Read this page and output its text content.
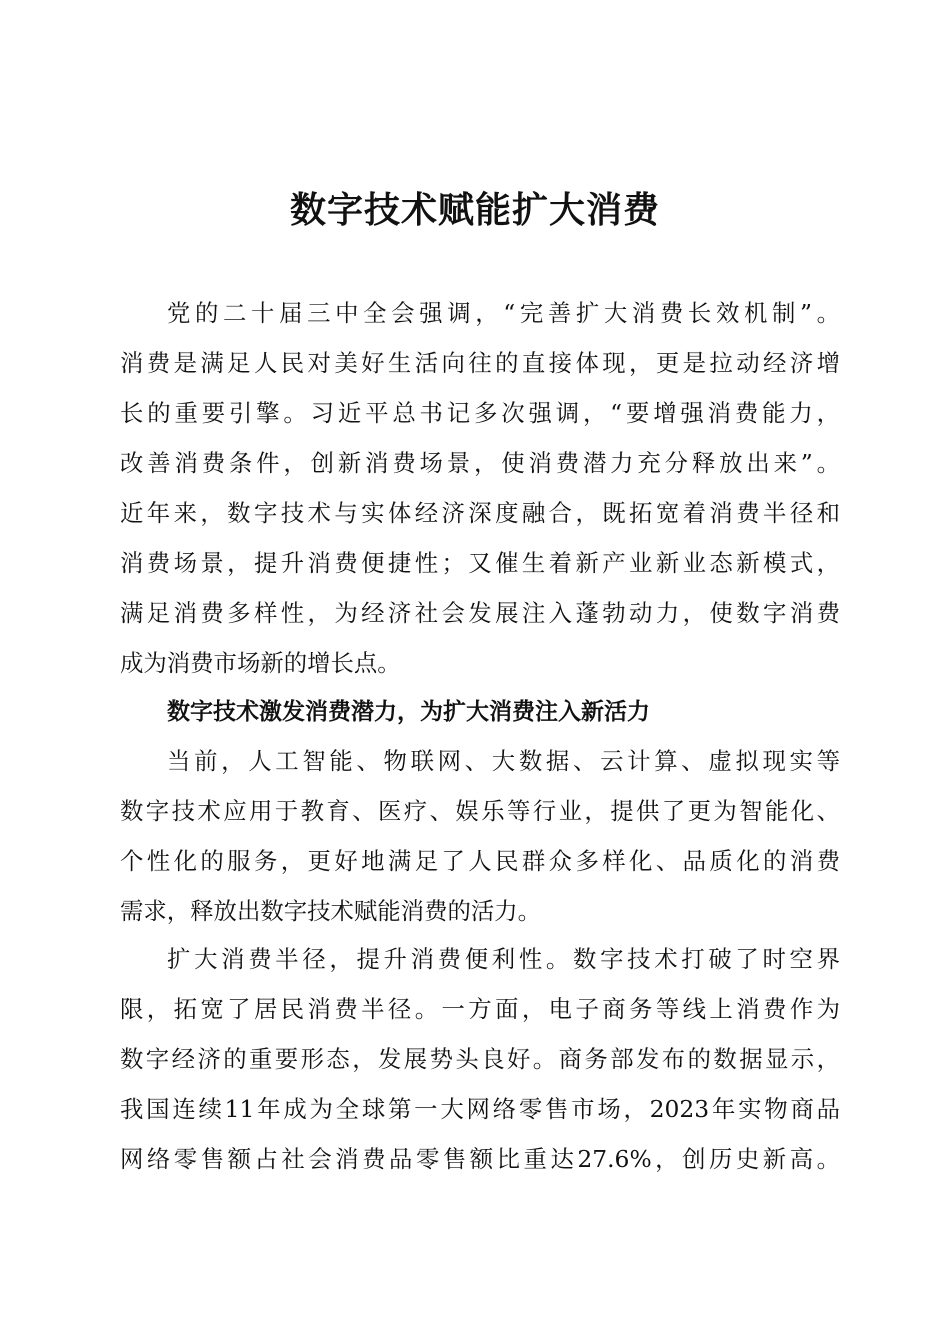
数字技术赋能扩大消费
党的二十届三中全会强调，“完善扩大消费长效机制”。
消费是满足人民对美好生活向往的直接体现，更是拉动经济增
长的重要引擎。习近平总书记多次强调，“要增强消费能力，
改善消费条件，创新消费场景，使消费潜力充分释放出来”。
近年来，数字技术与实体经济深度融合，既拓宽着消费半径和
消费场景，提升消费便捷性；又催生着新产业新业态新模式，
满足消费多样性，为经济社会发展注入蓬勃动力，使数字消费
成为消费市场新的增长点。
数字技术激发消费潜力，为扩大消费注入新活力
当前，人工智能、物联网、大数据、云计算、虚拟现实等
数字技术应用于教育、医疗、娱乐等行业，提供了更为智能化、
个性化的服务，更好地满足了人民群众多样化、品质化的消费
需求，释放出数字技术赋能消费的活力。
扩大消费半径，提升消费便利性。数字技术打破了时空界
限，拓宽了居民消费半径。一方面，电子商务等线上消费作为
数字经济的重要形态，发展势头良好。商务部发布的数据显示，
我国连续11年成为全球第一大网络零售市场，2023年实物商品
网络零售额占社会消费品零售额比重达27.6%，创历史新高。
